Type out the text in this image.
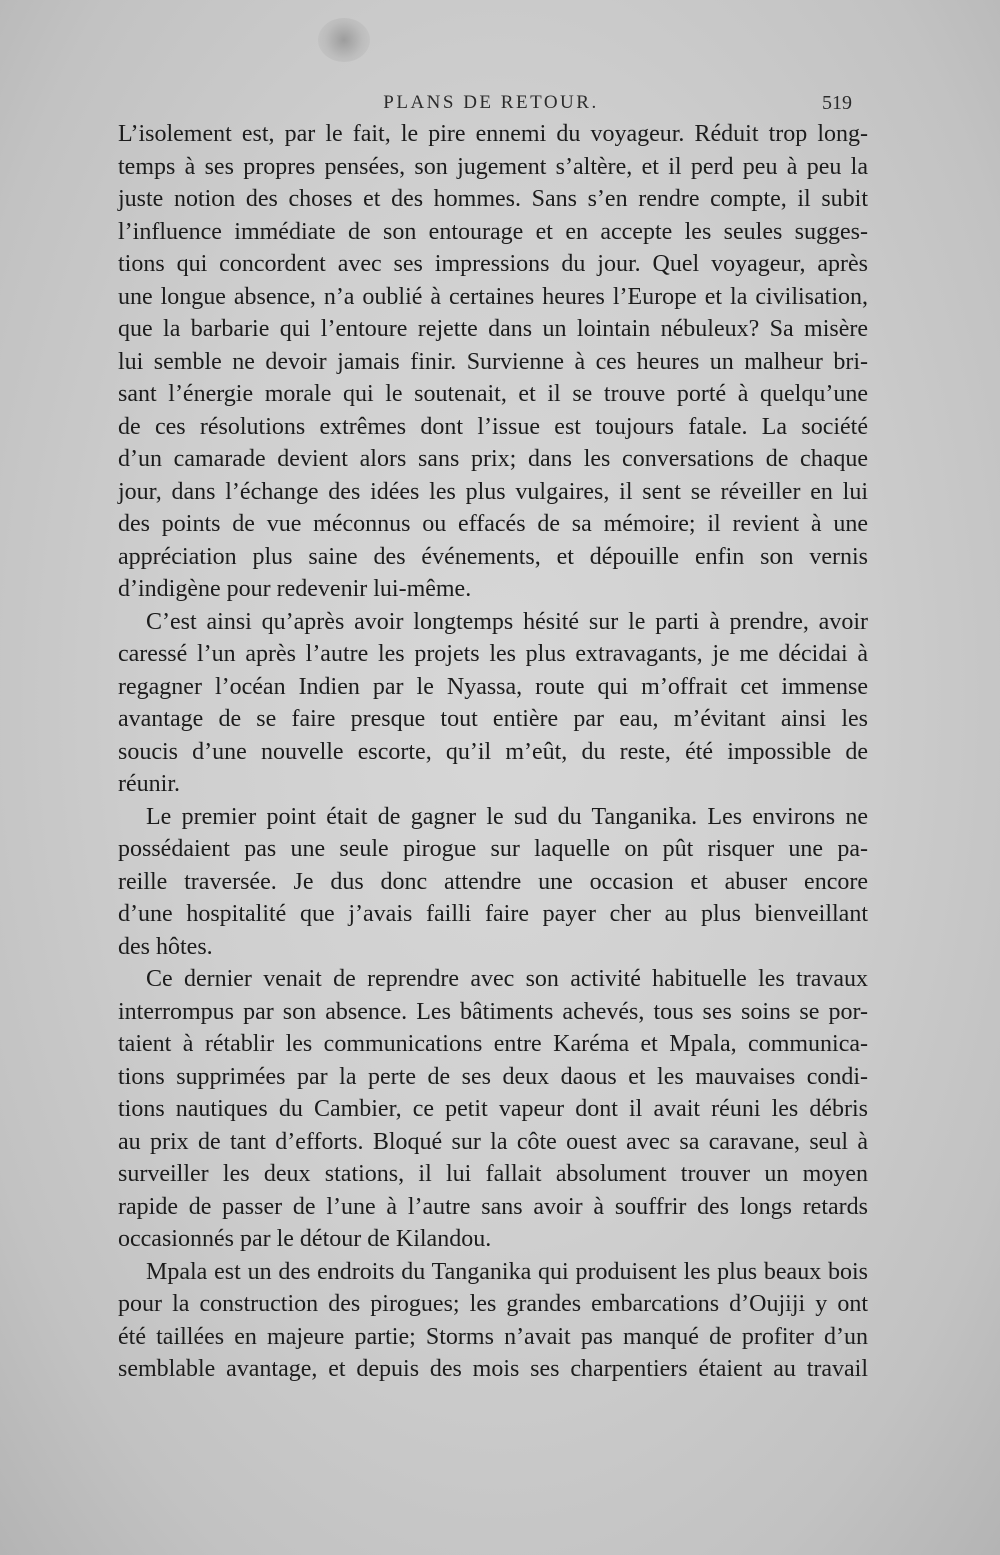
PLANS DE RETOUR.	519
L’isolement est, par le fait, le pire ennemi du voyageur. Réduit trop long-
temps à ses propres pensées, son jugement s’altère, et il perd peu à peu la
juste notion des choses et des hommes. Sans s’en rendre compte, il subit
l’influence immédiate de son entourage et en accepte les seules sugges-
tions qui concordent avec ses impressions du jour. Quel voyageur, après
une longue absence, n’a oublié à certaines heures l’Europe et la civilisation,
que la barbarie qui l’entoure rejette dans un lointain nébuleux? Sa misère
lui semble ne devoir jamais finir. Survienne à ces heures un malheur bri-
sant l’énergie morale qui le soutenait, et il se trouve porté à quelqu’une
de ces résolutions extrêmes dont l’issue est toujours fatale. La société
d’un camarade devient alors sans prix; dans les conversations de chaque
jour, dans l’échange des idées les plus vulgaires, il sent se réveiller en lui
des points de vue méconnus ou effacés de sa mémoire; il revient à une
appréciation plus saine des événements, et dépouille enfin son vernis
d’indigène pour redevenir lui-même.
C’est ainsi qu’après avoir longtemps hésité sur le parti à prendre, avoir
caressé l’un après l’autre les projets les plus extravagants, je me décidai à
regagner l’océan Indien par le Nyassa, route qui m’offrait cet immense
avantage de se faire presque tout entière par eau, m’évitant ainsi les
soucis d’une nouvelle escorte, qu’il m’eût, du reste, été impossible de
réunir.
Le premier point était de gagner le sud du Tanganika. Les environs ne
possédaient pas une seule pirogue sur laquelle on pût risquer une pa-
reille traversée. Je dus donc attendre une occasion et abuser encore
d’une hospitalité que j’avais failli faire payer cher au plus bienveillant
des hôtes.
Ce dernier venait de reprendre avec son activité habituelle les travaux
interrompus par son absence. Les bâtiments achevés, tous ses soins se por-
taient à rétablir les communications entre Karéma et Mpala, communica-
tions supprimées par la perte de ses deux daous et les mauvaises condi-
tions nautiques du Cambier, ce petit vapeur dont il avait réuni les débris
au prix de tant d’efforts. Bloqué sur la côte ouest avec sa caravane, seul à
surveiller les deux stations, il lui fallait absolument trouver un moyen
rapide de passer de l’une à l’autre sans avoir à souffrir des longs retards
occasionnés par le détour de Kilandou.
Mpala est un des endroits du Tanganika qui produisent les plus beaux bois
pour la construction des pirogues; les grandes embarcations d’Oujiji y ont
été taillées en majeure partie; Storms n’avait pas manqué de profiter d’un
semblable avantage, et depuis des mois ses charpentiers étaient au travail
